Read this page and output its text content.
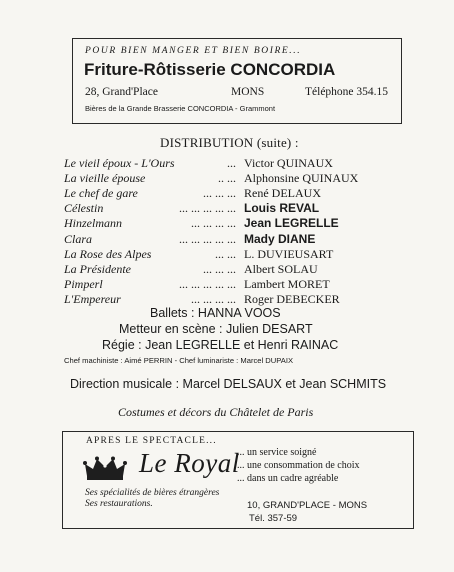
POUR BIEN MANGER ET BIEN BOIRE...
Friture-Rôtisserie CONCORDIA
28, Grand'Place	MONS	Téléphone 354.15
Bières de la Grande Brasserie CONCORDIA - Grammont
DISTRIBUTION (suite) :
Le vieil époux - L'Ours	... Victor QUINAUX
La vieille épouse	.. ... Alphonsine QUINAUX
Le chef de gare	... ... ... René DELAUX
Célestin	... ... ... ... ... Louis REVAL
Hinzelmann	... ... ... ... Jean LEGRELLE
Clara	... ... ... ... ... Mady DIANE
La Rose des Alpes	... ... L. DUVIEUSART
La Présidente	... ... ... Albert SOLAU
Pimperl	... ... ... ... ... Lambert MORET
L'Empereur	... ... ... ... Roger DEBECKER
Ballets : HANNA VOOS
Metteur en scène : Julien DESART
Régie : Jean LEGRELLE et Henri RAINAC
Chef machiniste : Aimé PERRIN - Chef luminariste : Marcel DUPAIX
Direction musicale : Marcel DELSAUX et Jean SCHMITS
Costumes et décors du Châtelet de Paris
APRES LE SPECTACLE...
Le Royal
... un service soigné
... une consommation de choix
... dans un cadre agréable
Ses spécialités de bières étrangères
Ses restaurations.	10, GRAND'PLACE - MONS
Tél. 357-59
